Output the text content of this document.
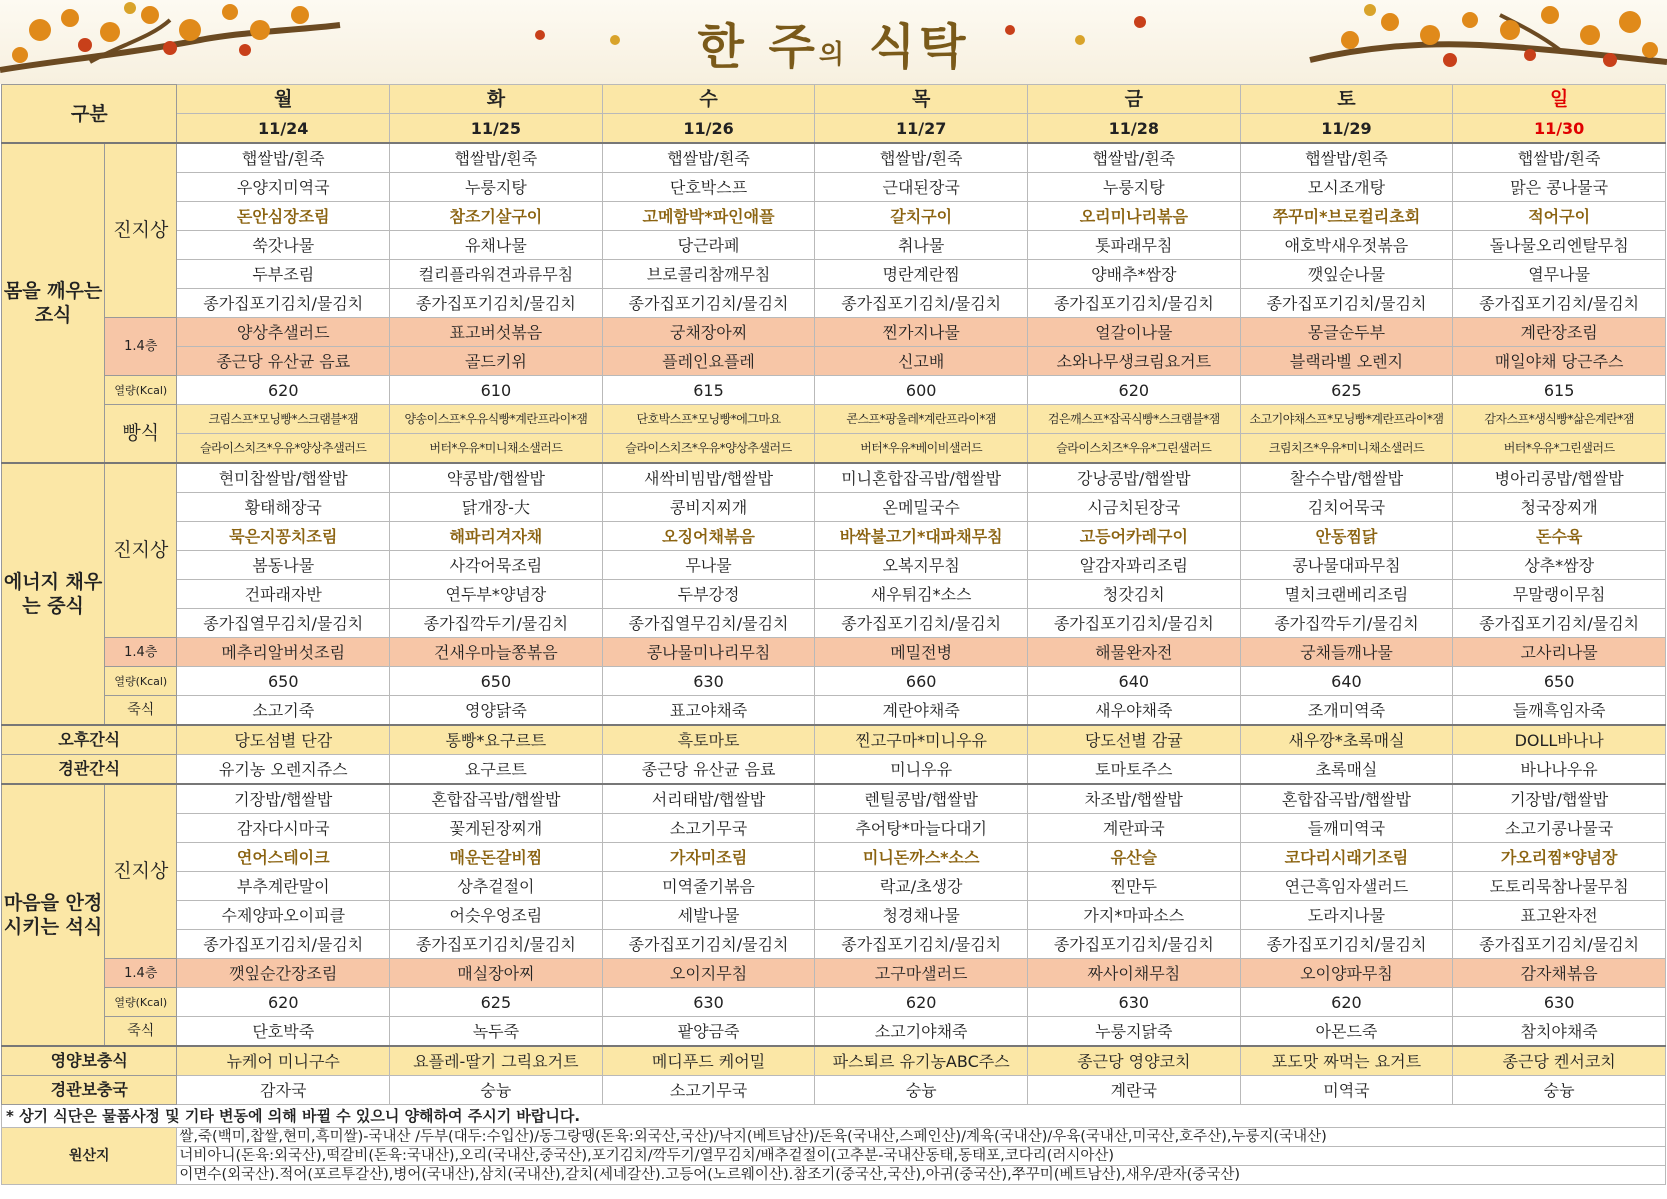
한 주의 식탁
구분		월	화	수	목	금	토	일
		11/24	11/25	11/26	11/27	11/28	11/29	11/30
몸을 깨우는 조식	진지상	햅쌀밥/흰죽	햅쌀밥/흰죽	햅쌀밥/흰죽	햅쌀밥/흰죽	햅쌀밥/흰죽	햅쌀밥/흰죽	햅쌀밥/흰죽
		우양지미역국	누룽지탕	단호박스프	근대된장국	누룽지탕	모시조개탕	맑은 콩나물국
		돈안심장조림	참조기살구이	고메함박*파인애플	갈치구이	오리미나리볶음	쭈꾸미*브로컬리초회	적어구이
		쑥갓나물	유채나물	당근라페	취나물	톳파래무침	애호박새우젓볶음	돌나물오리엔탈무침
		두부조림	컬리플라워견과류무침	브로콜리참깨무침	명란계란찜	양배추*쌈장	깻잎순나물	열무나물
		종가집포기김치/물김치	종가집포기김치/물김치	종가집포기김치/물김치	종가집포기김치/물김치	종가집포기김치/물김치	종가집포기김치/물김치	종가집포기김치/물김치
	1.4층	양상추샐러드	표고버섯볶음	궁채장아찌	찐가지나물	얼갈이나물	몽글순두부	계란장조림
		종근당 유산균 음료	골드키위	플레인요플레	신고배	소와나무생크림요거트	블랙라벨 오렌지	매일야채 당근주스
	열량(Kcal)	620	610	615	600	620	625	615
	빵식	크림스프*모닝빵*스크램블*잼	양송이스프*우유식빵*계란프라이*잼	단호박스프*모닝빵*에그마요	콘스프*팡올레*계란프라이*잼	검은깨스프*잡곡식빵*스크램블*잼	소고기야채스프*모닝빵*계란프라이*잼	감자스프*생식빵*삶은계란*잼
		슬라이스치즈*우유*양상추샐러드	버터*우유*미니채소샐러드	슬라이스치즈*우유*양상추샐러드	버터*우유*베이비샐러드	슬라이스치즈*우유*그린샐러드	크림치즈*우유*미니채소샐러드	버터*우유*그린샐러드
에너지 채우는 중식	진지상	현미찹쌀밥/햅쌀밥	약콩밥/햅쌀밥	새싹비빔밥/햅쌀밥	미니혼합잡곡밥/햅쌀밥	강낭콩밥/햅쌀밥	찰수수밥/햅쌀밥	병아리콩밥/햅쌀밥
		황태해장국	닭개장-大	콩비지찌개	온메밀국수	시금치된장국	김치어묵국	청국장찌개
		묵은지꽁치조림	해파리겨자채	오징어채볶음	바싹불고기*대파채무침	고등어카레구이	안동찜닭	돈수육
		봄동나물	사각어묵조림	무나물	오복지무침	알감자꽈리조림	콩나물대파무침	상추*쌈장
		건파래자반	연두부*양념장	두부강정	새우튀김*소스	청갓김치	멸치크랜베리조림	무말랭이무침
		종가집열무김치/물김치	종가집깍두기/물김치	종가집열무김치/물김치	종가집포기김치/물김치	종가집포기김치/물김치	종가집깍두기/물김치	종가집포기김치/물김치
	1.4층	메추리알버섯조림	건새우마늘쫑볶음	콩나물미나리무침	메밀전병	해물완자전	궁채들깨나물	고사리나물
	열량(Kcal)	650	650	630	660	640	640	650
	죽식	소고기죽	영양닭죽	표고야채죽	계란야채죽	새우야채죽	조개미역죽	들깨흑임자죽
오후간식		당도섬별 단감	통빵*요구르트	흑토마토	찐고구마*미니우유	당도선별 감귤	새우깡*초록매실	DOLL바나나
경관간식		유기농 오렌지쥬스	요구르트	종근당 유산균 음료	미니우유	토마토주스	초록매실	바나나우유
마음을 안정시키는 석식	진지상	기장밥/햅쌀밥	혼합잡곡밥/햅쌀밥	서리태밥/햅쌀밥	렌틸콩밥/햅쌀밥	차조밥/햅쌀밥	혼합잡곡밥/햅쌀밥	기장밥/햅쌀밥
		감자다시마국	꽃게된장찌개	소고기무국	추어탕*마늘다대기	계란파국	들깨미역국	소고기콩나물국
		연어스테이크	매운돈갈비찜	가자미조림	미니돈까스*소스	유산슬	코다리시래기조림	가오리찜*양념장
		부추계란말이	상추겉절이	미역줄기볶음	락교/초생강	찐만두	연근흑임자샐러드	도토리묵참나물무침
		수제양파오이피클	어슷우엉조림	세발나물	청경채나물	가지*마파소스	도라지나물	표고완자전
		종가집포기김치/물김치	종가집포기김치/물김치	종가집포기김치/물김치	종가집포기김치/물김치	종가집포기김치/물김치	종가집포기김치/물김치	종가집포기김치/물김치
	1.4층	깻잎순간장조림	매실장아찌	오이지무침	고구마샐러드	짜사이채무침	오이양파무침	감자채볶음
	열량(Kcal)	620	625	630	620	630	620	630
	죽식	단호박죽	녹두죽	팥양금죽	소고기야채죽	누룽지닭죽	아몬드죽	참치야채죽
영양보충식		뉴케어 미니구수	요플레-딸기 그릭요거트	메디푸드 케어밀	파스퇴르 유기농ABC주스	종근당 영양코치	포도맛 짜먹는 요거트	종근당 켄서코치
경관보충국		감자국	숭늉	소고기무국	숭늉	계란국	미역국	숭늉
* 상기 식단은 물품사정 및 기타 변동에 의해 바뀔 수 있으니 양해하여 주시기 바랍니다.								
원산지		쌀,죽(백미,찹쌀,현미,흑미쌀)-국내산 /두부(대두:수입산)/동그랑땡(돈육:외국산,국산)/낙지(베트남산)/돈육(국내산,스페인산)/계육(국내산)/우육(국내산,미국산,호주산),누룽지(국내산)						
		너비아니(돈육:외국산),떡갈비(돈육:국내산),오리(국내산,중국산),포기김치/깍두기/열무김치/배추겉절이(고추분-국내산동태,동태포,코다리(러시아산)						
		이면수(외국산).적어(포르투갈산),병어(국내산),삼치(국내산),갈치(세네갈산).고등어(노르웨이산).참조기(중국산,국산),아귀(중국산),쭈꾸미(베트남산),새우/관자(중국산)						
